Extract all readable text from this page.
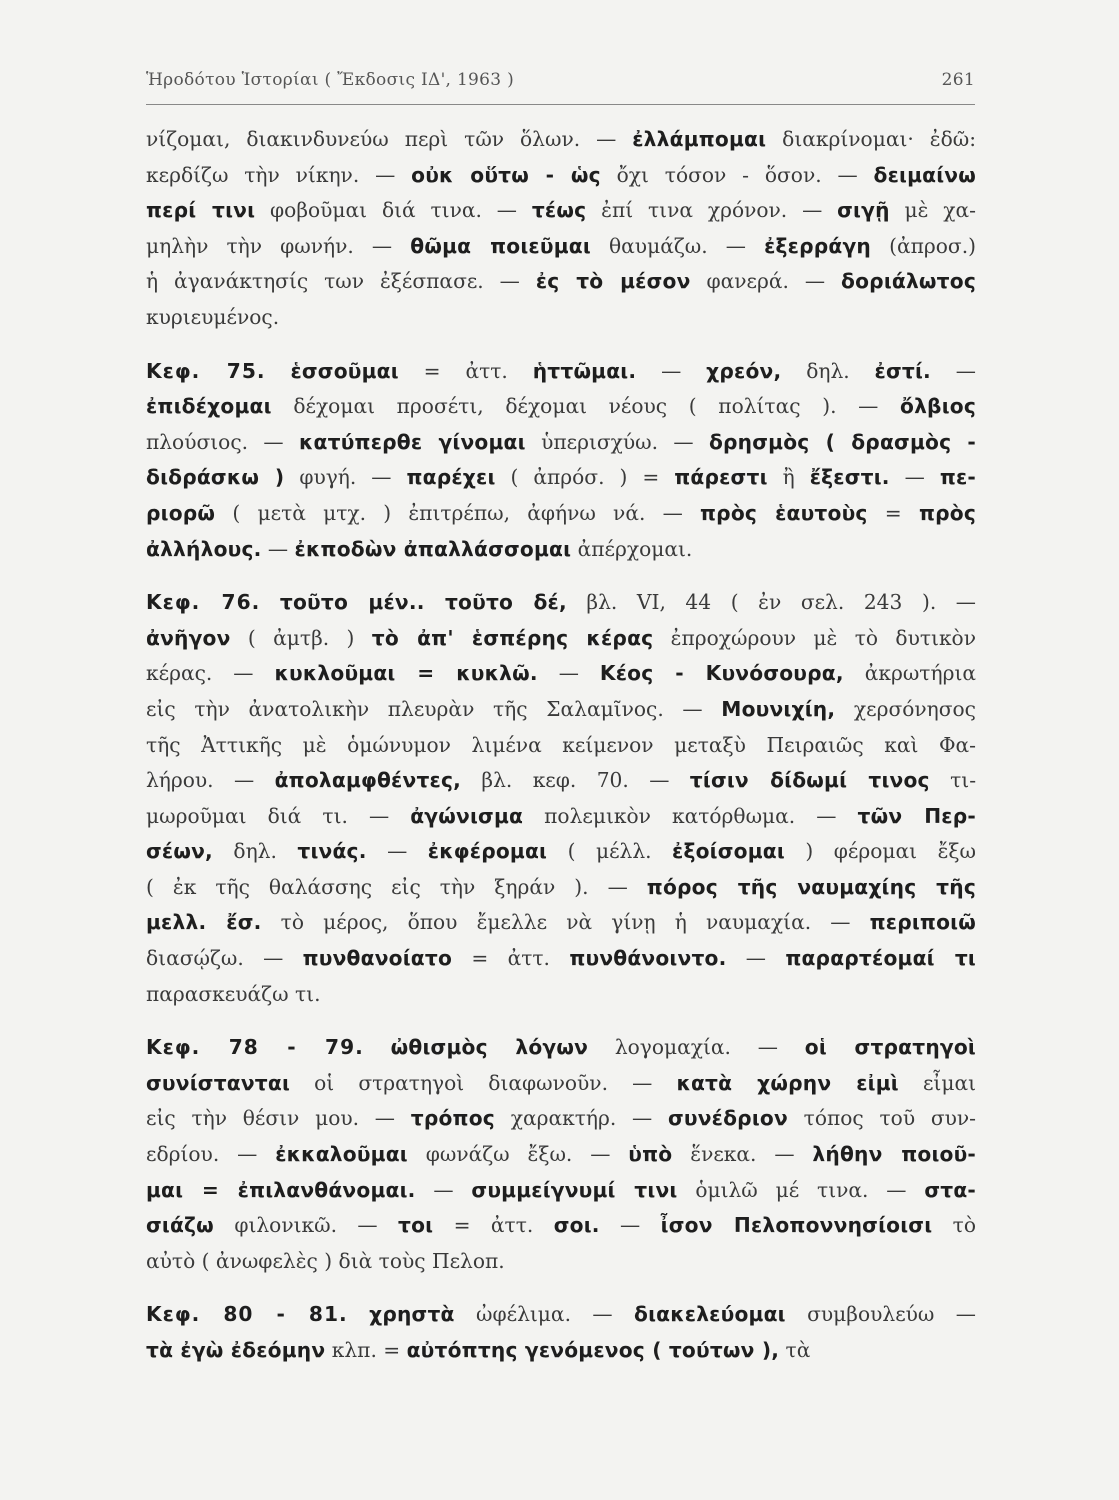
Ἡροδότου Ἱστορίαι ( Ἔκδοσις ΙΔ', 1963 )	261
νίζομαι, διακινδυνεύω περὶ τῶν ὅλων. — ἐλλάμπομαι διακρίνομαι· ἐδῶ:
κερδίζω τὴν νίκην. — οὐκ οὕτω - ὡς ὄχι τόσον - ὅσον. — δειμαίνω
περί τινι φοβοῦμαι διά τινα. — τέως ἐπί τινα χρόνον. — σιγῇ μὲ χα-
μηλὴν τὴν φωνήν. — θῶμα ποιεῦμαι θαυμάζω. — ἐξερράγη (ἀπροσ.)
ἡ ἀγανάκτησίς των ἐξέσπασε. — ἐς τὸ μέσον φανερά. — δοριάλωτος
κυριευμένος.
Κεφ. 75. ἑσσοῦμαι = ἀττ. ἡττῶμαι. — χρεόν, δηλ. ἐστί. —
ἐπιδέχομαι δέχομαι προσέτι, δέχομαι νέους ( πολίτας ). — ὄλβιος
πλούσιος. — κατύπερθε γίνομαι ὑπερισχύω. — δρησμὸς ( δρασμὸς -
διδράσκω ) φυγή. — παρέχει ( ἀπρόσ. ) = πάρεστι ἢ ἔξεστι. — πε-
ριορῶ ( μετὰ μτχ. ) ἐπιτρέπω, ἀφήνω νά. — πρὸς ἑαυτοὺς = πρὸς
ἀλλήλους. — ἐκποδὼν ἀπαλλάσσομαι ἀπέρχομαι.
Κεφ. 76. τοῦτο μέν.. τοῦτο δέ, βλ. VI, 44 ( ἐν σελ. 243 ). —
ἀνῆγον ( ἀμτβ. ) τὸ ἀπ' ἑσπέρης κέρας ἐπροχώρουν μὲ τὸ δυτικὸν
κέρας. — κυκλοῦμαι = κυκλῶ. — Κέος - Κυνόσουρα, ἀκρωτήρια
εἰς τὴν ἀνατολικὴν πλευρὰν τῆς Σαλαμῖνος. — Μουνιχίη, χερσόνησος
τῆς Ἀττικῆς μὲ ὁμώνυμον λιμένα κείμενον μεταξὺ Πειραιῶς καὶ Φα-
λήρου. — ἀπολαμφθέντες, βλ. κεφ. 70. — τίσιν δίδωμί τινος τι-
μωροῦμαι διά τι. — ἀγώνισμα πολεμικὸν κατόρθωμα. — τῶν Περ-
σέων, δηλ. τινάς. — ἐκφέρομαι ( μέλλ. ἐξοίσομαι ) φέρομαι ἔξω
( ἐκ τῆς θαλάσσης εἰς τὴν ξηράν ). — πόρος τῆς ναυμαχίης τῆς
μελλ. ἔσ. τὸ μέρος, ὅπου ἔμελλε νὰ γίνῃ ἡ ναυμαχία. — περιποιῶ
διασῴζω. — πυνθανοίατο = ἀττ. πυνθάνοιντο. — παραρτέομαί τι
παρασκευάζω τι.
Κεφ. 78 - 79. ὠθισμὸς λόγων λογομαχία. — οἱ στρατηγοὶ
συνίστανται οἱ στρατηγοὶ διαφωνοῦν. — κατὰ χώρην εἰμὶ εἶμαι
εἰς τὴν θέσιν μου. — τρόπος χαρακτήρ. — συνέδριον τόπος τοῦ συν-
εδρίου. — ἐκκαλοῦμαι φωνάζω ἔξω. — ὑπὸ ἕνεκα. — λήθην ποιοῦ-
μαι = ἐπιλανθάνομαι. — συμμείγνυμί τινι ὁμιλῶ μέ τινα. — στα-
σιάζω φιλονικῶ. — τοι = ἀττ. σοι. — ἶσον Πελοποννησίοισι τὸ
αὐτὸ ( ἀνωφελὲς ) διὰ τοὺς Πελοπ.
Κεφ. 80 - 81. χρηστὰ ὠφέλιμα. — διακελεύομαι συμβουλεύω —
τὰ ἐγὼ ἐδεόμην κλπ. = αὐτόπτης γενόμενος ( τούτων ), τὰ
